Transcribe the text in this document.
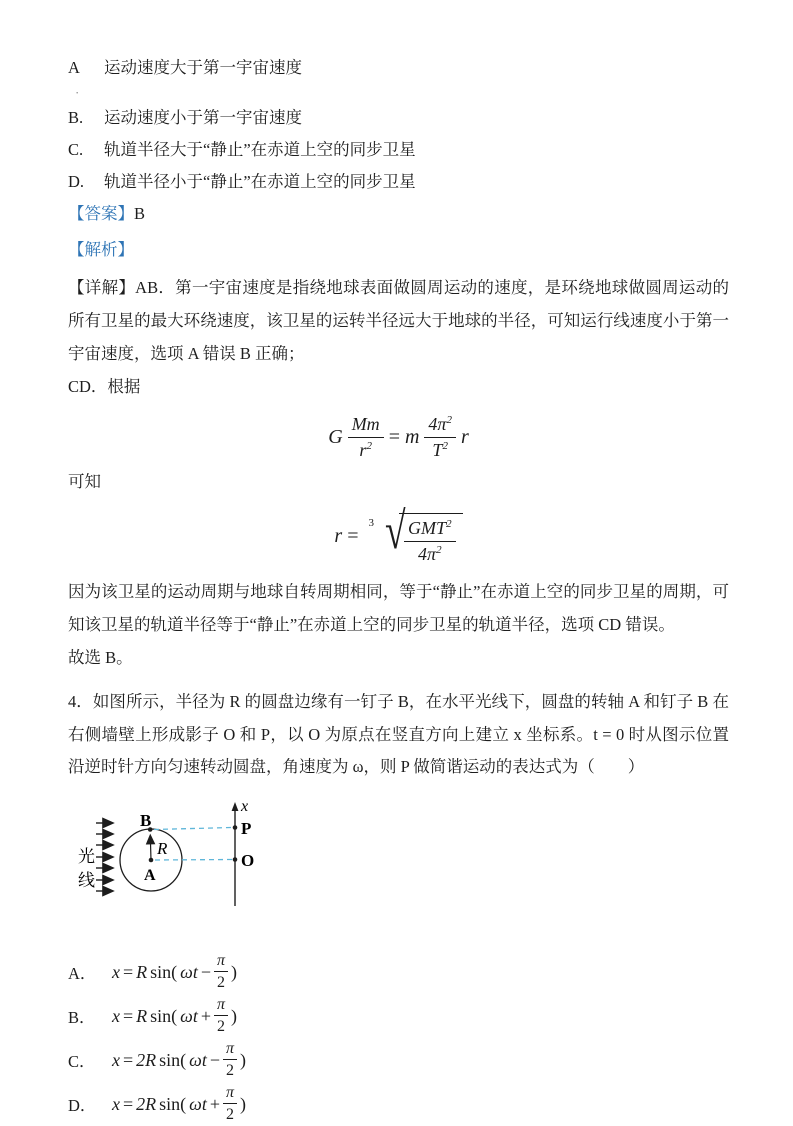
A	运动速度大于第一宇宙速度
·
B.	运动速度小于第一宇宙速度
C.	轨道半径大于“静止”在赤道上空的同步卫星
D.	轨道半径小于“静止”在赤道上空的同步卫星
【答案】B
【解析】
【详解】AB．第一宇宙速度是指绕地球表面做圆周运动的速度，是环绕地球做圆周运动的所有卫星的最大环绕速度，该卫星的运转半径远大于地球的半径，可知运行线速度小于第一宇宙速度，选项 A 错误 B 正确；
CD．根据
G $\frac{Mm}{r^2} = m \frac{4\pi^2}{T^2}$ r
可知
r =
3 √ $\frac{GMT^2}{4\pi^2}$
因为该卫星的运动周期与地球自转周期相同，等于“静止”在赤道上空的同步卫星的周期，可知该卫星的轨道半径等于“静止”在赤道上空的同步卫星的轨道半径，选项 CD 错误。
故选 B。
4．如图所示，半径为 R 的圆盘边缘有一钉子 B，在水平光线下，圆盘的转轴 A 和钉子 B 在右侧墙壁上形成影子 O 和 P，以 O 为原点在竖直方向上建立 x 坐标系。t = 0 时从图示位置沿逆时针方向匀速转动圆盘，角速度为 ω，则 P 做简谐运动的表达式为（　　）
光
线
B
R
A
x
P
O
A． x = R sin( $\omega t - \frac{\pi}{2}$ )
B． x = R sin( $\omega t + \frac{\pi}{2}$ )
C． x = 2R sin( $\omega t - \frac{\pi}{2}$ )
D． x = 2R sin( $\omega t + \frac{\pi}{2}$ )
